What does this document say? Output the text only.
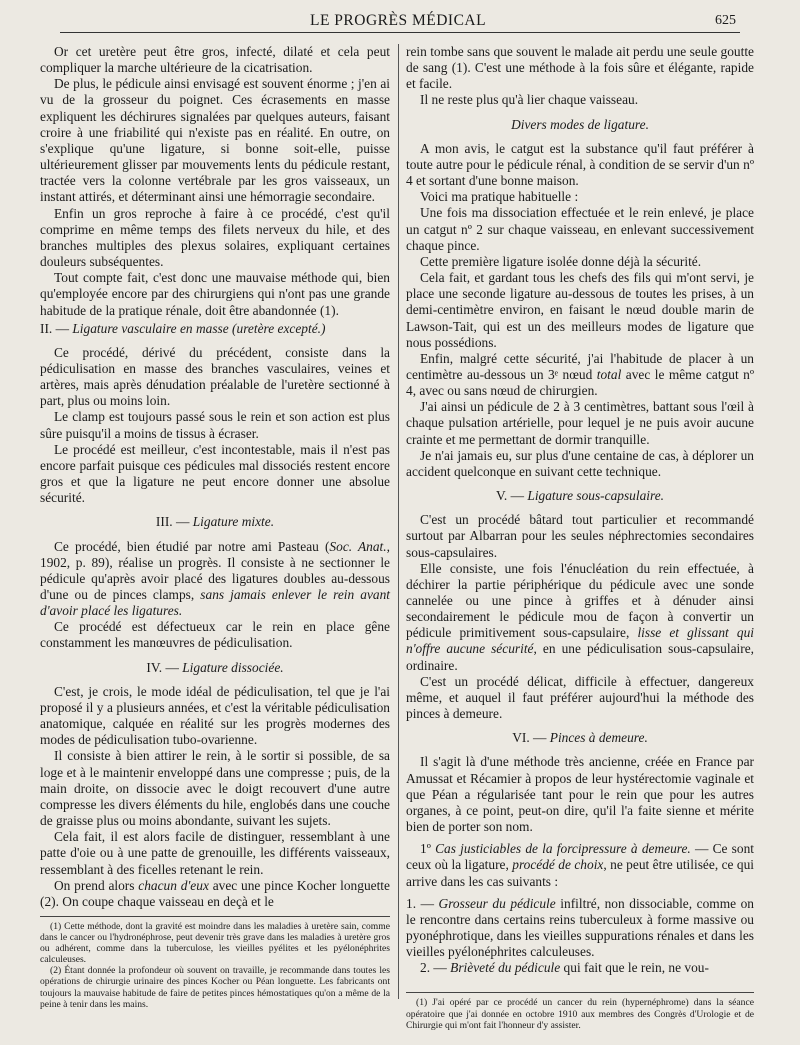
LE PROGRÈS MÉDICAL	625

Or cet uretère peut être gros, infecté, dilaté et cela peut compliquer la marche ultérieure de la cicatrisation.

De plus, le pédicule ainsi envisagé est souvent énorme ; j'en ai vu de la grosseur du poignet. Ces écrasements en masse expliquent les déchirures signalées par quelques auteurs, faisant croire à une friabilité qui n'existe pas en réalité. En outre, on s'explique qu'une ligature, si bonne soit-elle, puisse ultérieurement glisser par mouvements lents du pédicule restant, tractée vers la colonne vertébrale par les gros vaisseaux, un instant attirés, et déterminant ainsi une hémorragie secondaire.

Enfin un gros reproche à faire à ce procédé, c'est qu'il comprime en même temps des filets nerveux du hile, et des branches multiples des plexus solaires, expliquant certaines douleurs subséquentes.

Tout compte fait, c'est donc une mauvaise méthode qui, bien qu'employée encore par des chirurgiens qui n'ont pas une grande habitude de la pratique rénale, doit être abandonnée (1).

II. — Ligature vasculaire en masse (uretère excepté.)

Ce procédé, dérivé du précédent, consiste dans la pédiculisation en masse des branches vasculaires, veines et artères, mais après dénudation préalable de l'uretère sectionné à part, plus ou moins loin.

Le clamp est toujours passé sous le rein et son action est plus sûre puisqu'il a moins de tissus à écraser.

Le procédé est meilleur, c'est incontestable, mais il n'est pas encore parfait puisque ces pédicules mal dissociés restent encore gros et que la ligature ne peut encore donner une absolue sécurité.

III. — Ligature mixte.

Ce procédé, bien étudié par notre ami Pasteau (Soc. Anat., 1902, p. 89), réalise un progrès. Il consiste à ne sectionner le pédicule qu'après avoir placé des ligatures doubles au-dessous d'une ou de pinces clamps, sans jamais enlever le rein avant d'avoir placé les ligatures.

Ce procédé est défectueux car le rein en place gêne constamment les manœuvres de pédiculisation.

IV. — Ligature dissociée.

C'est, je crois, le mode idéal de pédiculisation, tel que je l'ai proposé il y a plusieurs années, et c'est la véritable pédiculisation anatomique, calquée en réalité sur les progrès modernes des modes de pédiculisation tubo-ovarienne.

Il consiste à bien attirer le rein, à le sortir si possible, de sa loge et à le maintenir enveloppé dans une compresse ; puis, de la main droite, on dissocie avec le doigt recouvert d'une autre compresse les divers éléments du hile, englobés dans une couche de graisse plus ou moins abondante, suivant les sujets.

Cela fait, il est alors facile de distinguer, ressemblant à une patte d'oie ou à une patte de grenouille, les différents vaisseaux, ressemblant à des ficelles retenant le rein.

On prend alors chacun d'eux avec une pince Kocher longuette (2). On coupe chaque vaisseau en deçà et le

(1) Cette méthode, dont la gravité est moindre dans les maladies à uretère sain, comme dans le cancer ou l'hydronéphrose, peut devenir très grave dans les maladies à uretère gros ou adhérent, comme dans la tuberculose, les vieilles pyélites et les pyélonéphrites calculeuses.

(2) Étant donnée la profondeur où souvent on travaille, je recommande dans toutes les opérations de chirurgie urinaire des pinces Kocher ou Péan longuette. Les fabricants ont toujours la mauvaise habitude de faire de petites pinces hémostatiques qu'on a même de la peine à tenir dans les mains.

rein tombe sans que souvent le malade ait perdu une seule goutte de sang (1). C'est une méthode à la fois sûre et élégante, rapide et facile.

Il ne reste plus qu'à lier chaque vaisseau.

Divers modes de ligature.

A mon avis, le catgut est la substance qu'il faut préférer à toute autre pour le pédicule rénal, à condition de se servir d'un nº 4 et sortant d'une bonne maison.

Voici ma pratique habituelle :

Une fois ma dissociation effectuée et le rein enlevé, je place un catgut nº 2 sur chaque vaisseau, en enlevant successivement chaque pince.

Cette première ligature isolée donne déjà la sécurité.

Cela fait, et gardant tous les chefs des fils qui m'ont servi, je place une seconde ligature au-dessous de toutes les prises, à un demi-centimètre environ, en faisant le nœud double marin de Lawson-Tait, qui est un des meilleurs modes de ligature que nous possédions.

Enfin, malgré cette sécurité, j'ai l'habitude de placer à un centimètre au-dessous un 3ᵉ nœud total avec le même catgut nº 4, avec ou sans nœud de chirurgien.

J'ai ainsi un pédicule de 2 à 3 centimètres, battant sous l'œil à chaque pulsation artérielle, pour lequel je ne puis avoir aucune crainte et me permettant de dormir tranquille.

Je n'ai jamais eu, sur plus d'une centaine de cas, à déplorer un accident quelconque en suivant cette technique.

V. — Ligature sous-capsulaire.

C'est un procédé bâtard tout particulier et recommandé surtout par Albarran pour les seules néphrectomies secondaires sous-capsulaires.

Elle consiste, une fois l'énucléation du rein effectuée, à déchirer la partie périphérique du pédicule avec une sonde cannelée ou une pince à griffes et à dénuder ainsi secondairement le pédicule mou de façon à convertir un pédicule primitivement sous-capsulaire, lisse et glissant qui n'offre aucune sécurité, en une pédiculisation sous-capsulaire, ordinaire.

C'est un procédé délicat, difficile à effectuer, dangereux même, et auquel il faut préférer aujourd'hui la méthode des pinces à demeure.

VI. — Pinces à demeure.

Il s'agit là d'une méthode très ancienne, créée en France par Amussat et Récamier à propos de leur hystérectomie vaginale et que Péan a régularisée tant pour le rein que pour les autres organes, à ce point, peut-on dire, qu'il l'a faite sienne et mérite bien de porter son nom.

1º Cas justiciables de la forcipressure à demeure. — Ce sont ceux où la ligature, procédé de choix, ne peut être utilisée, ce qui arrive dans les cas suivants :

1. — Grosseur du pédicule infiltré, non dissociable, comme on le rencontre dans certains reins tuberculeux à forme massive ou pyonéphrotique, dans les vieilles suppurations rénales et dans les vieilles pyélonéphrites calculeuses.

2. — Brièveté du pédicule qui fait que le rein, ne vou-

(1) J'ai opéré par ce procédé un cancer du rein (hypernéphrome) dans la séance opératoire que j'ai donnée en octobre 1910 aux membres des Congrès d'Urologie et de Chirurgie qui m'ont fait l'honneur d'y assister.
